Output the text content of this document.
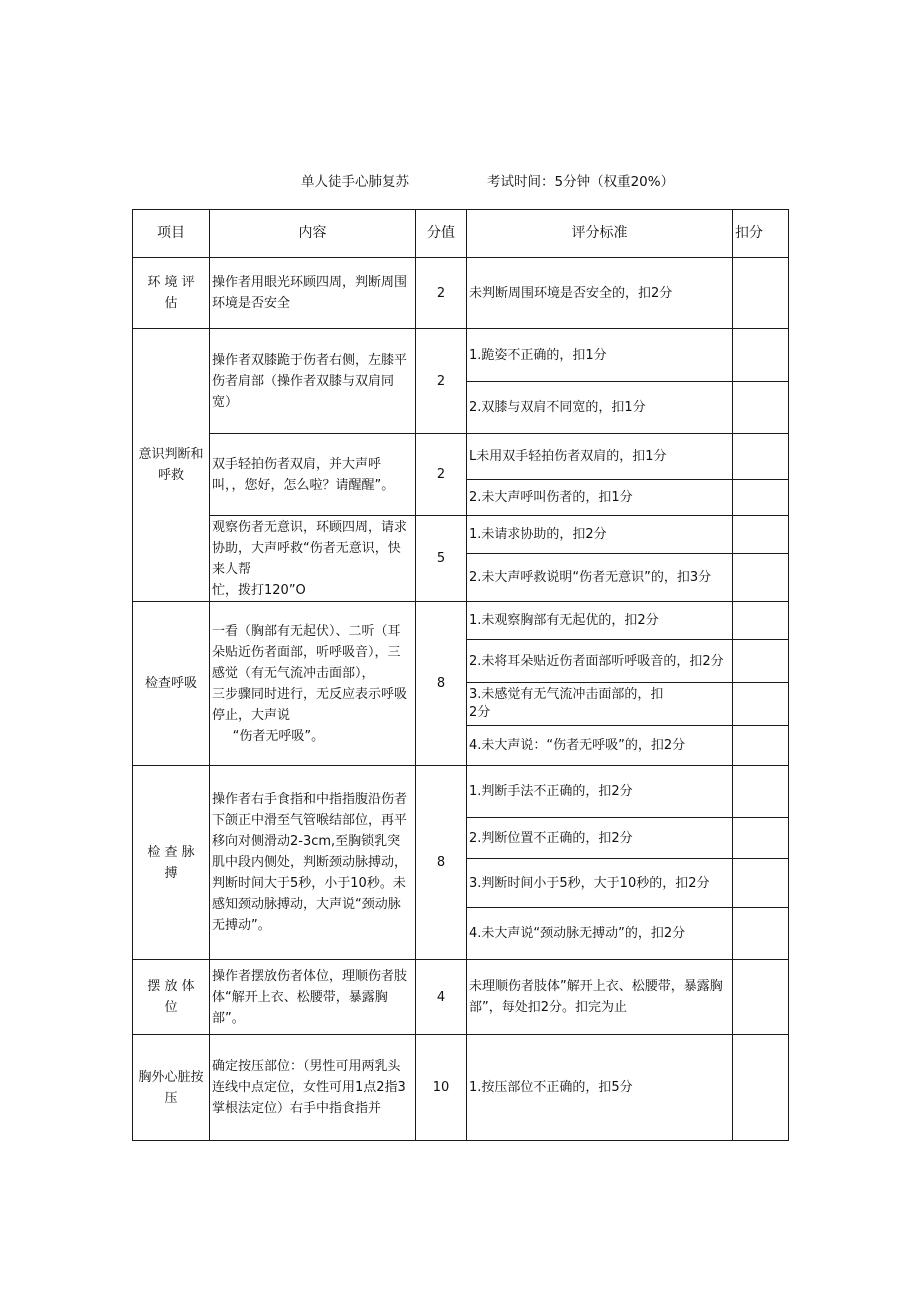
单人徒手心肺复苏	考试时间：5分钟（权重20%）
项目	内容	分值	评分标准	扣分
环 境 评
估	操作者用眼光环顾四周，判断周围环境是否安全	2	未判断周围环境是否安全的，扣2分	
意识判断和呼救	操作者双膝跪于伤者右侧，左膝平伤者肩部（操作者双膝与双肩同宽）	2	1.跪姿不正确的，扣1分	
			2.双膝与双肩不同宽的，扣1分	
	双手轻拍伤者双肩，并大声呼叫，，您好，怎么啦？请醒醒”。	2	L未用双手轻拍伤者双肩的，扣1分	
			2.未大声呼叫伤者的，扣1分	
	观察伤者无意识，环顾四周，请求协助，大声呼救“伤者无意识，快来人帮
忙，拨打120”O	5	1.未请求协助的，扣2分	
			2.未大声呼救说明“伤者无意识”的，扣3分	
检查呼吸	一看（胸部有无起伏）、二听（耳朵贴近伤者面部，听呼吸音），三感觉（有无气流冲击面部），
三步骤同时进行，无反应表示呼吸停止，大声说
“伤者无呼吸”。	8	1.未观察胸部有无起优的，扣2分	
			2.未将耳朵贴近伤者面部听呼吸音的，扣2分	
			3.未感觉有无气流冲击面部的，扣
2分	
			4.未大声说：“伤者无呼吸”的，扣2分	
检 查 脉
搏	操作者右手食指和中指指腹沿伤者下颌正中滑至气管喉结部位，再平移向对侧滑动2-3cm,至胸锁乳突肌中段内侧处，判断颈动脉搏动，判断时间大于5秒，小于10秒。未感知颈动脉搏动，大声说“颈动脉无搏动”。	8	1.判断手法不正确的，扣2分	
			2.判断位置不正确的，扣2分	
			3.判断时间小于5秒，大于10秒的，扣2分	
			4.未大声说“颈动脉无搏动”的，扣2分	
摆 放 体
位	操作者摆放伤者体位，理顺伤者肢体“解开上衣、松腰带，暴露胸部”。	4	未理顺伤者肢体”解开上衣、松腰带，暴露胸部”，每处扣2分。扣完为止	
胸外心脏按压	确定按压部位：（男性可用两乳头连线中点定位，女性可用1点2指3掌根法定位）右手中指食指并	10	1.按压部位不正确的，扣5分	
